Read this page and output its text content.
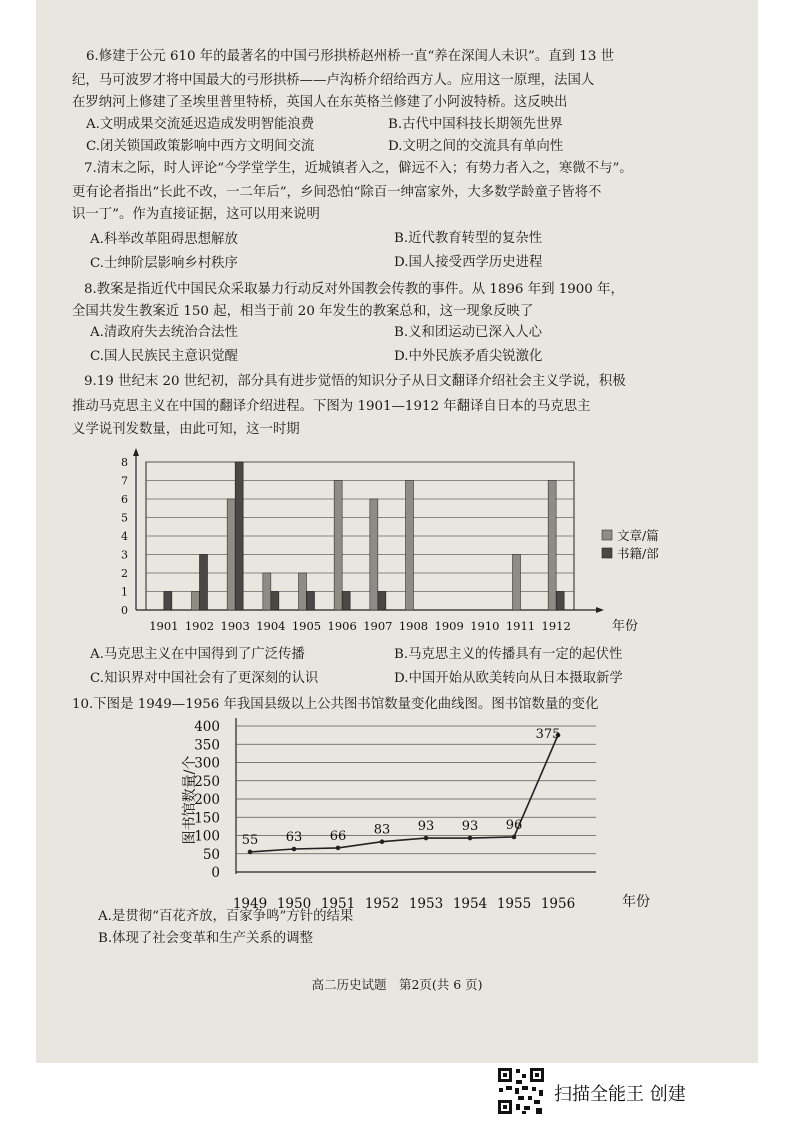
6.修建于公元 610 年的最著名的中国弓形拱桥赵州桥一直“养在深闺人未识”。直到 13 世
纪，马可波罗才将中国最大的弓形拱桥——卢沟桥介绍给西方人。应用这一原理，法国人
在罗纳河上修建了圣埃里普里特桥，英国人在东英格兰修建了小阿波特桥。这反映出
A.文明成果交流延迟造成发明智能浪费	B.古代中国科技长期领先世界
C.闭关锁国政策影响中西方文明间交流	D.文明之间的交流具有单向性
7.清末之际，时人评论“今学堂学生，近城镇者入之，僻远不入；有势力者入之，寒微不与”。
更有论者指出“长此不改，一二年后”，乡间恐怕“除百一绅富家外，大多数学龄童子皆将不
识一丁”。作为直接证据，这可以用来说明
A.科举改革阻碍思想解放	B.近代教育转型的复杂性
C.士绅阶层影响乡村秩序	D.国人接受西学历史进程
8.教案是指近代中国民众采取暴力行动反对外国教会传教的事件。从 1896 年到 1900 年，
全国共发生教案近 150 起，相当于前 20 年发生的教案总和，这一现象反映了
A.清政府失去统治合法性	B.义和团运动已深入人心
C.国人民族民主意识觉醒	D.中外民族矛盾尖锐激化
9.19 世纪末 20 世纪初，部分具有进步觉悟的知识分子从日文翻译介绍社会主义学说，积极
推动马克思主义在中国的翻译介绍进程。下图为 1901—1912 年翻译自日本的马克思主
义学说刊发数量，由此可知，这一时期
0
1
2
3
4
5
6
7
8
1901 1902 1903 1904 1905 1906 1907 1908 1909 1910 1911 1912	年份
文章/篇
书籍/部
A.马克思主义在中国得到了广泛传播	B.马克思主义的传播具有一定的起伏性
C.知识界对中国社会有了更深刻的认识	D.中国开始从欧美转向从日本摄取新学
10.下图是 1949—1956 年我国县级以上公共图书馆数量变化曲线图。图书馆数量的变化
0
50
100
150
200
250
300
350
400
55
1949
63
1950
66
1951
83
1952
93
1953
93
1954
96
1955
375
1956
图书馆数量/个
年份
A.是贯彻“百花齐放，百家争鸣”方针的结果
B.体现了社会变革和生产关系的调整
高二历史试题　第2页(共 6 页)
扫描全能王 创建
